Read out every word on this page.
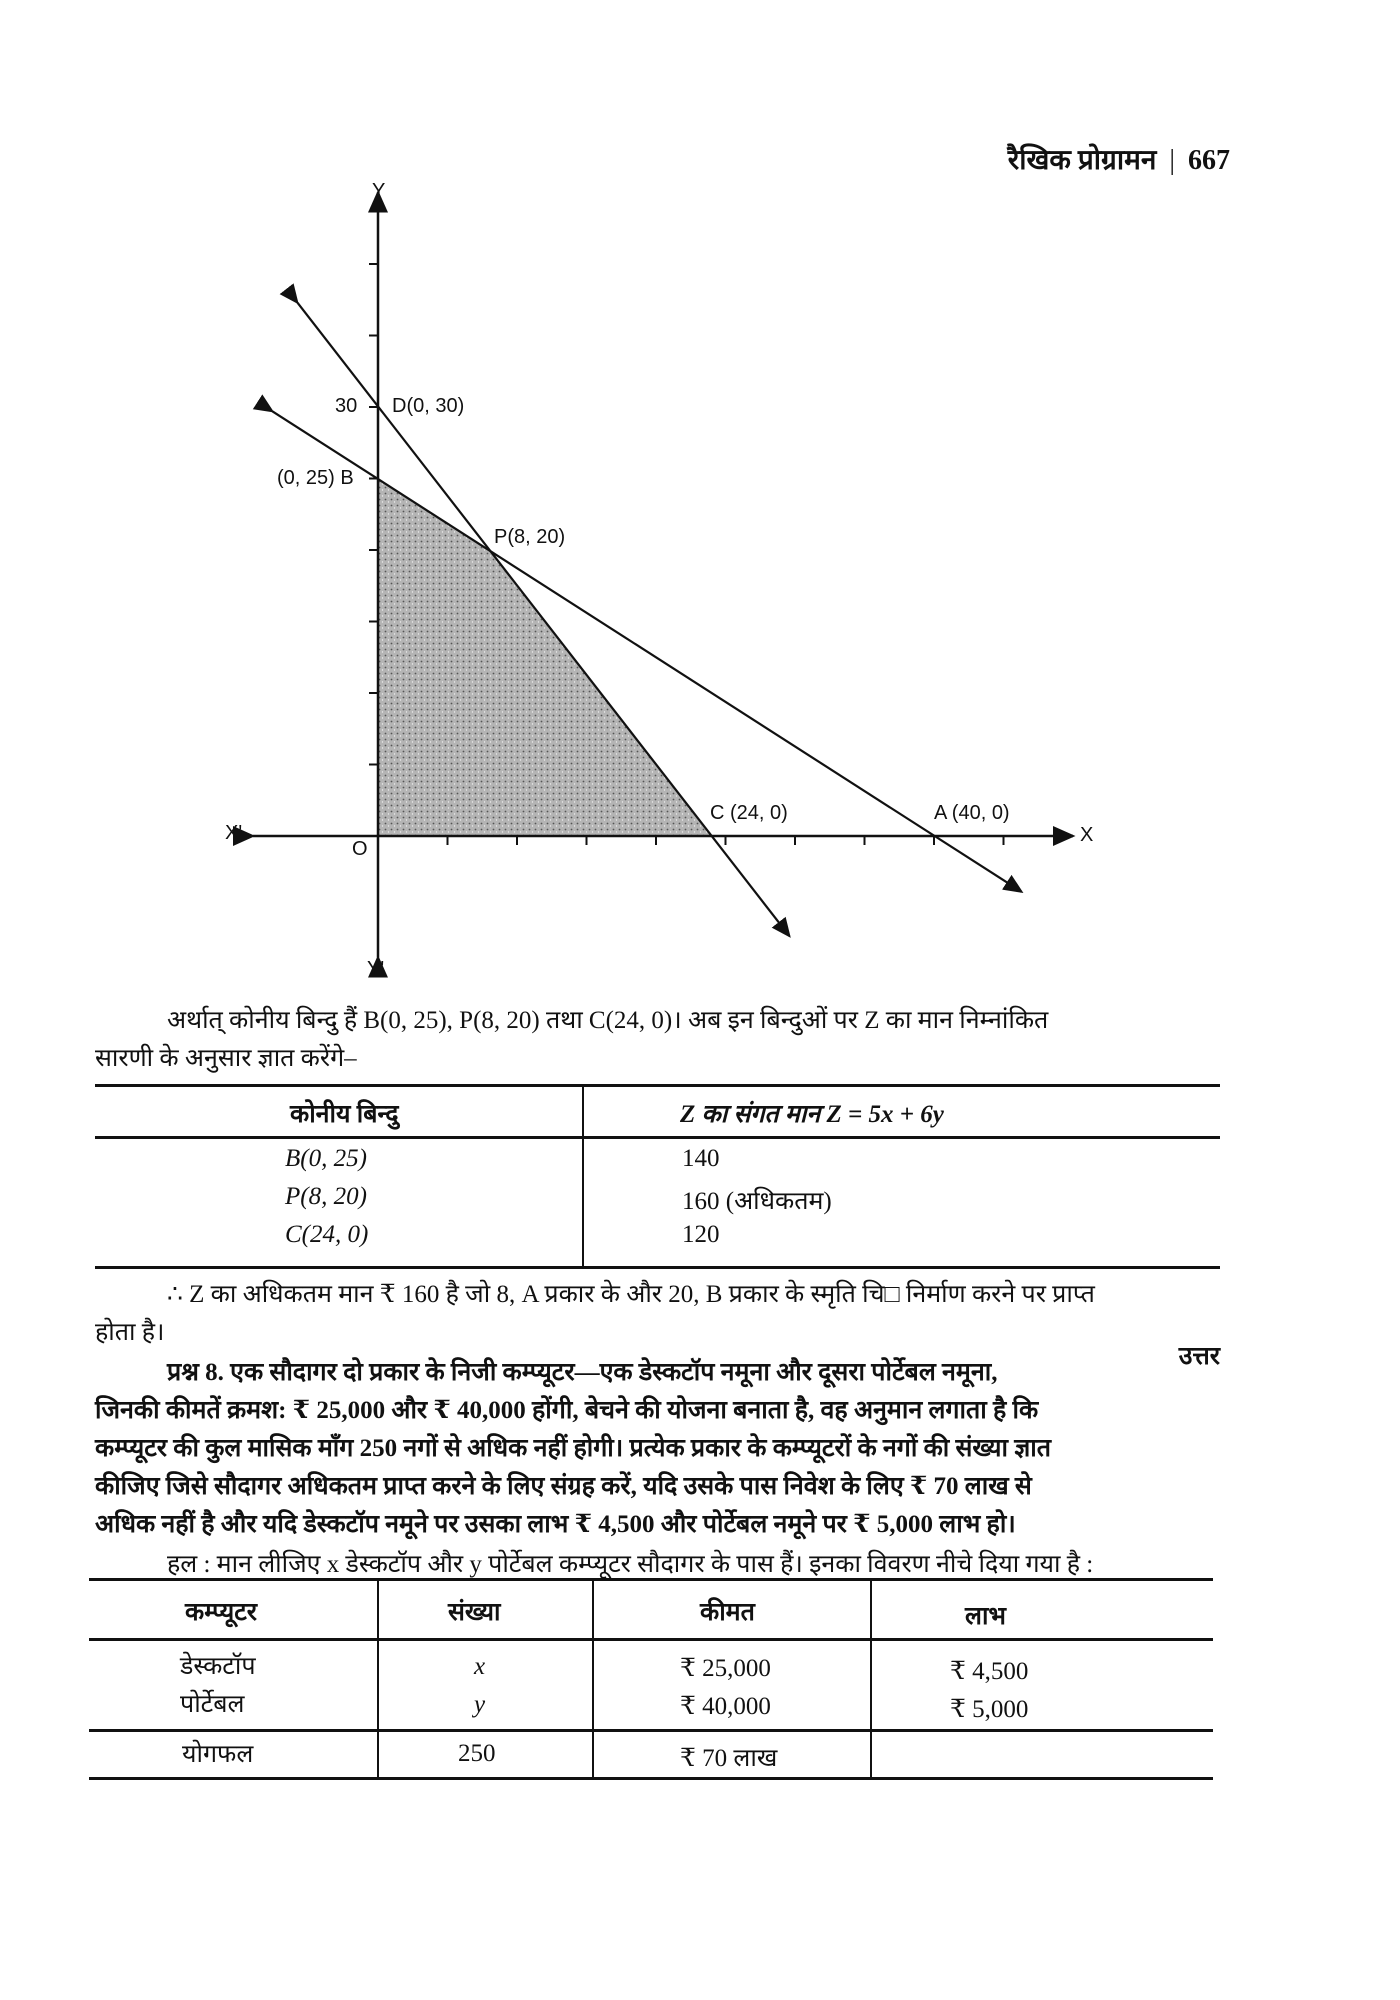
रैखिक प्रोग्रामन | 667
Y
Y'
X'	X
O
30 D(0, 30)
(0, 25) B
P(8, 20)
C (24, 0)	A (40, 0)
अर्थात् कोनीय बिन्दु हैं B(0, 25), P(8, 20) तथा C(24, 0)। अब इन बिन्दुओं पर Z का मान निम्नांकित
सारणी के अनुसार ज्ञात करेंगे–
कोनीय बिन्दु	Z का संगत मान Z = 5x + 6y
B(0, 25)	140
P(8, 20)	160 (अधिकतम)
C(24, 0)	120
∴ Z का अधिकतम मान ₹ 160 है जो 8, A प्रकार के और 20, B प्रकार के स्मृति चि□ निर्माण करने पर प्राप्त
होता है।
उत्तर
प्रश्न 8. एक सौदागर दो प्रकार के निजी कम्प्यूटर—एक डेस्कटॉप नमूना और दूसरा पोर्टेबल नमूना,
जिनकी कीमतें क्रमश: ₹ 25,000 और ₹ 40,000 होंगी, बेचने की योजना बनाता है, वह अनुमान लगाता है कि
कम्प्यूटर की कुल मासिक माँग 250 नगों से अधिक नहीं होगी। प्रत्येक प्रकार के कम्प्यूटरों के नगों की संख्या ज्ञात
कीजिए जिसे सौदागर अधिकतम प्राप्त करने के लिए संग्रह करें, यदि उसके पास निवेश के लिए ₹ 70 लाख से
अधिक नहीं है और यदि डेस्कटॉप नमूने पर उसका लाभ ₹ 4,500 और पोर्टेबल नमूने पर ₹ 5,000 लाभ हो।
हल : मान लीजिए x डेस्कटॉप और y पोर्टेबल कम्प्यूटर सौदागर के पास हैं। इनका विवरण नीचे दिया गया है :
कम्प्यूटर	संख्या	कीमत	लाभ
डेस्कटॉप	x	₹ 25,000	₹ 4,500
पोर्टेबल	y	₹ 40,000	₹ 5,000
योगफल	250	₹ 70 लाख
